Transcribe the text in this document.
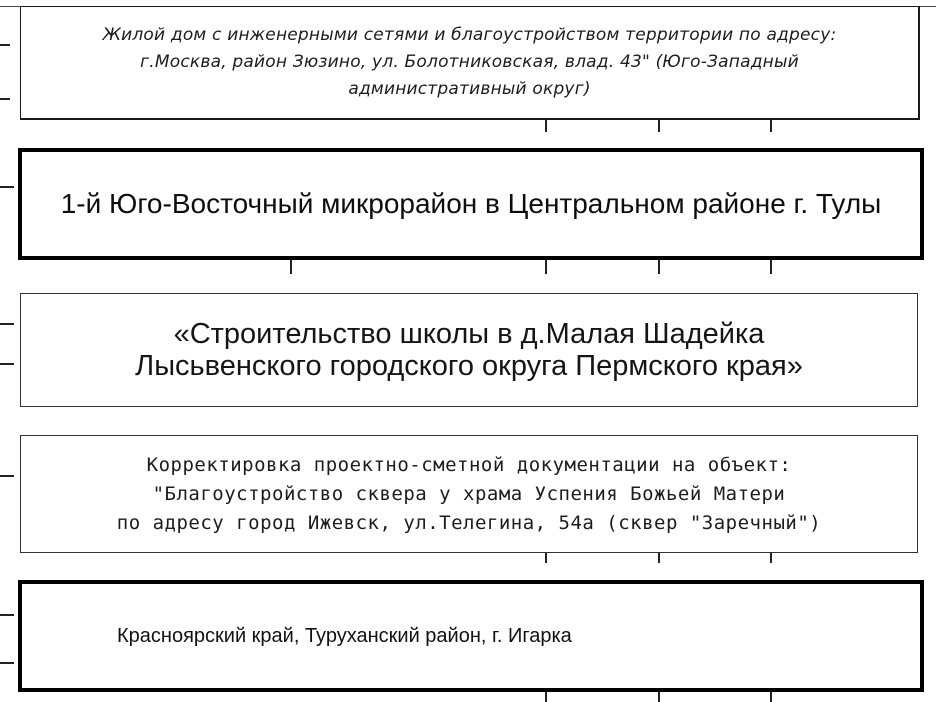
Жилой дом с инженерными сетями и благоустройством территории по адресу:
г.Москва, район Зюзино, ул. Болотниковская, влад. 43" (Юго-Западный
административный округ)
1-й Юго-Восточный микрорайон в Центральном районе г. Тулы
«Строительство школы в д.Малая Шадейка
Лысьвенского городского округа Пермского края»
Корректировка проектно-сметной документации на объект:
"Благоустройство сквера у храма Успения Божьей Матери
по адресу город Ижевск, ул.Телегина, 54а (сквер "Заречный")
Красноярский край, Туруханский район, г. Игарка
